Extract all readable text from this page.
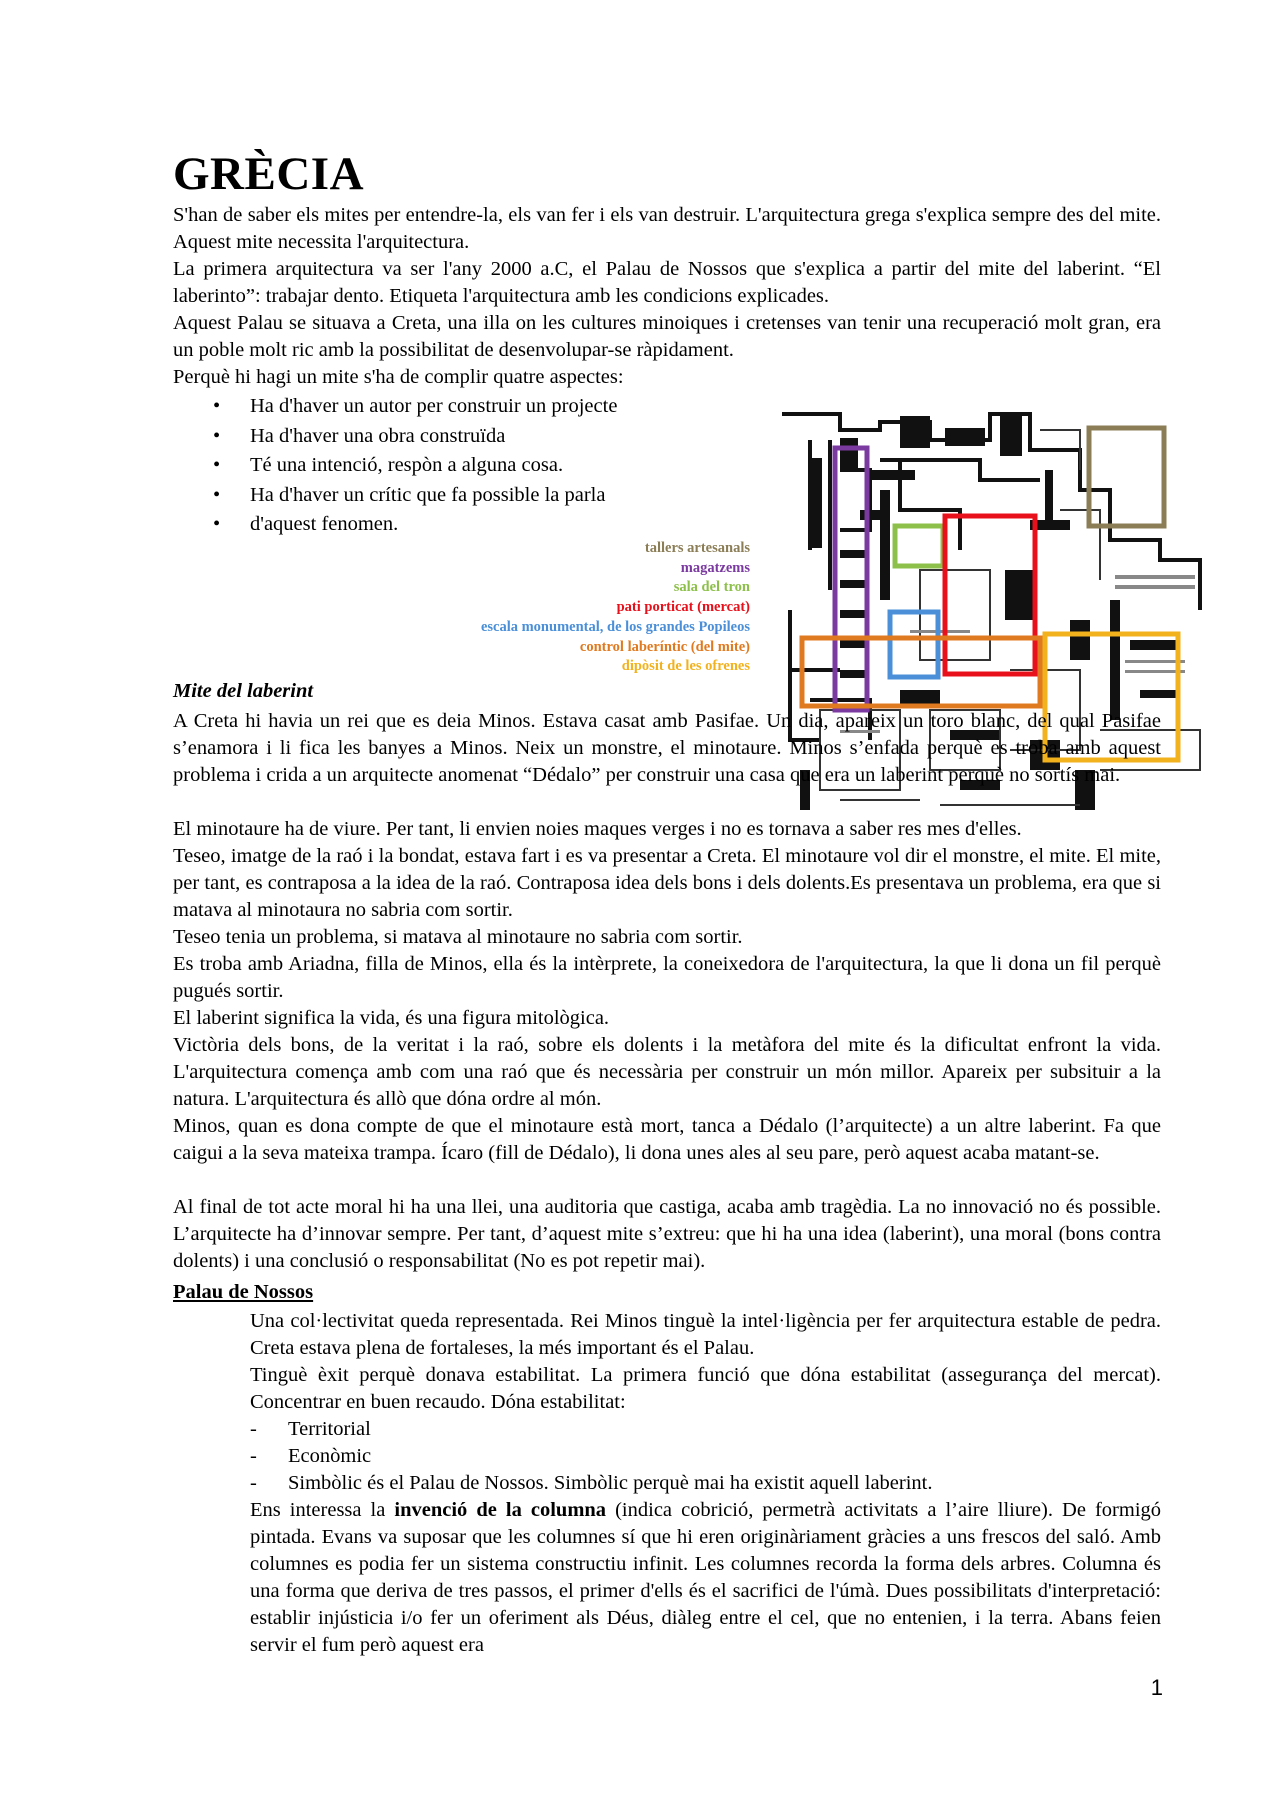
GRÈCIA

S'han de saber els mites per entendre-la, els van fer i els van destruir. L'arquitectura grega s'explica sempre des del mite. Aquest mite necessita l'arquitectura.

La primera arquitectura va ser l'any 2000 a.C, el Palau de Nossos que s'explica a partir del mite del laberint. “El laberinto”: trabajar dento. Etiqueta l'arquitectura amb les condicions explicades.

Aquest Palau se situava a Creta, una illa on les cultures minoiques i cretenses van tenir una recuperació molt gran, era un poble molt ric amb la possibilitat de desenvolupar-se ràpidament.

Perquè hi hagi un mite s'ha de complir quatre aspectes:

• Ha d'haver un autor per construir un projecte
• Ha d'haver una obra construïda
• Té una intenció, respòn a alguna cosa.
• Ha d'haver un crític que fa possible la parla
• d'aquest fenomen.
tallers artesanals
magatzems
sala del tron
pati porticat (mercat)
escala monumental, de los grandes Popileos
control laberíntic (del mite)
dipòsit de les ofrenes
Mite del laberint

A Creta hi havia un rei que es deia Minos. Estava casat amb Pasifae. Un dia, apareix un toro blanc, del qual Pasifae s’enamora i li fica les banyes a Minos. Neix un monstre, el minotaure. Minos s’enfada perquè es troba amb aquest problema i crida a un arquitecte anomenat “Dédalo” per construir una casa que era un laberint perquè no sortís mai.

El minotaure ha de viure. Per tant, li envien noies maques verges i no es tornava a saber res mes d'elles.

Teseo, imatge de la raó i la bondat, estava fart i es va presentar a Creta. El minotaure vol dir el monstre, el mite. El mite, per tant, es contraposa a la idea de la raó. Contraposa idea dels bons i dels dolents.Es presentava un problema, era que si matava al minotaura no sabria com sortir.

Teseo tenia un problema, si matava al minotaure no sabria com sortir.

Es troba amb Ariadna, filla de Minos, ella és la intèrprete, la coneixedora de l'arquitectura, la que li dona un fil perquè pugués sortir.

El laberint significa la vida, és una figura mitològica.

Victòria dels bons, de la veritat i la raó, sobre els dolents i la metàfora del mite és la dificultat enfront la vida. L'arquitectura comença amb com una raó que és necessària per construir un món millor. Apareix per subsituir a la natura. L'arquitectura és allò que dóna ordre al món.

Minos, quan es dona compte de que el minotaure està mort, tanca a Dédalo (l’arquitecte) a un altre laberint. Fa que caigui a la seva mateixa trampa. Ícaro (fill de Dédalo), li dona unes ales al seu pare, però aquest acaba matant-se.

Al final de tot acte moral hi ha una llei, una auditoria que castiga, acaba amb tragèdia. La no innovació no és possible. L’arquitecte ha d’innovar sempre. Per tant, d’aquest mite s’extreu: que hi ha una idea (laberint), una moral (bons contra dolents) i una conclusió o responsabilitat (No es pot repetir mai).

Palau de Nossos

Una col·lectivitat queda representada. Rei Minos tinguè la intel·ligència per fer arquitectura estable de pedra. Creta estava plena de fortaleses, la més important és el Palau.

Tinguè èxit perquè donava estabilitat. La primera funció que dóna estabilitat (assegurança del mercat). Concentrar en buen recaudo. Dóna estabilitat:

- Territorial
- Econòmic
- Simbòlic és el Palau de Nossos. Simbòlic perquè mai ha existit aquell laberint.

Ens interessa la invenció de la columna (indica cobrició, permetrà activitats a l’aire lliure). De formigó pintada. Evans va suposar que les columnes sí que hi eren originàriament gràcies a uns frescos del saló. Amb columnes es podia fer un sistema constructiu infinit. Les columnes recorda la forma dels arbres. Columna és una forma que deriva de tres passos, el primer d'ells és el sacrifici de l'úmà. Dues possibilitats d'interpretació: establir injústicia i/o fer un oferiment als Déus, diàleg entre el cel, que no entenien, i la terra. Abans feien servir el fum però aquest era

1
